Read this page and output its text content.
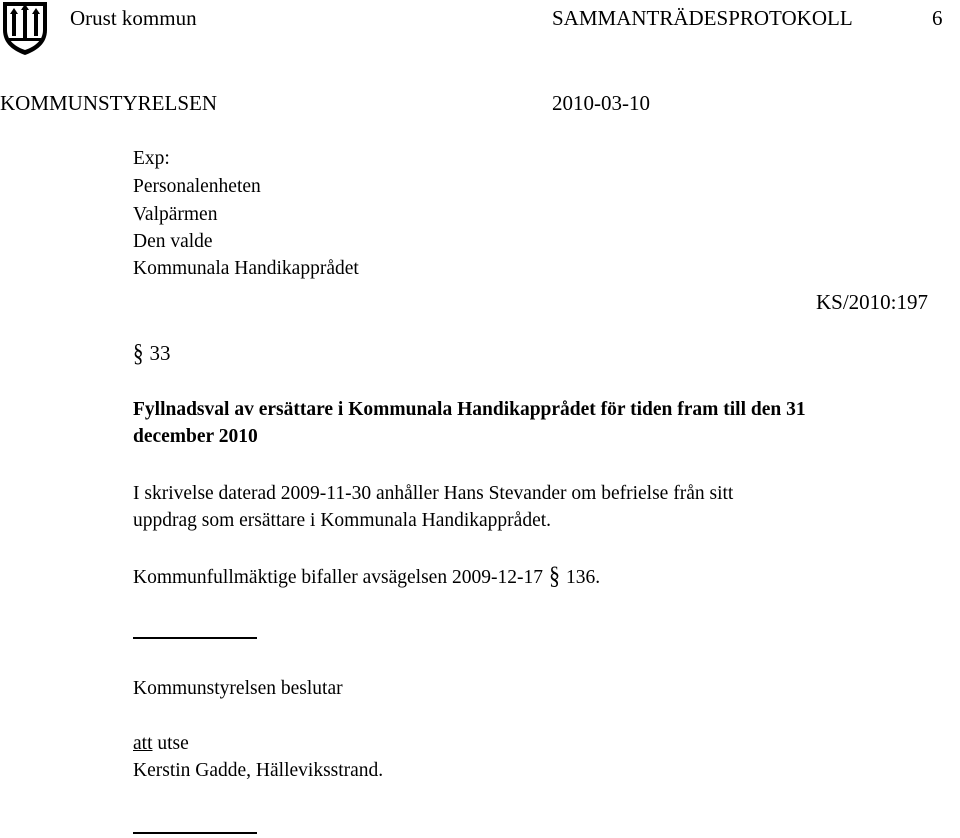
Orust kommun	SAMMANTRÄDESPROTOKOLL	6
KOMMUNSTYRELSEN	2010-03-10
Exp:
Personalenheten
Valpärmen
Den valde
Kommunala Handikapprådet
KS/2010:197
§ 33
Fyllnadsval av ersättare i Kommunala Handikapprådet för tiden fram till den 31
december 2010
I skrivelse daterad 2009-11-30 anhåller Hans Stevander om befrielse från sitt
uppdrag som ersättare i Kommunala Handikapprådet.
Kommunfullmäktige bifaller avsägelsen 2009-12-17 § 136.
Kommunstyrelsen beslutar
att utse
Kerstin Gadde, Hälleviksstrand.
